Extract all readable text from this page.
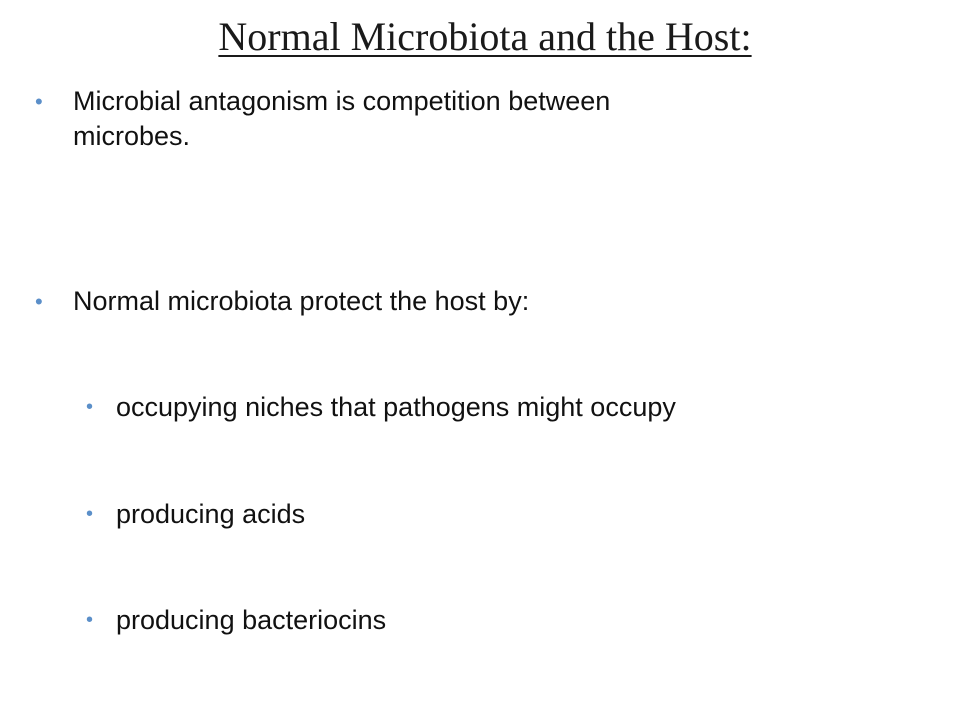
Normal Microbiota and the Host:
• Microbial antagonism is competition between
microbes.
• Normal microbiota protect the host by:
• occupying niches that pathogens might occupy
• producing acids
• producing bacteriocins
